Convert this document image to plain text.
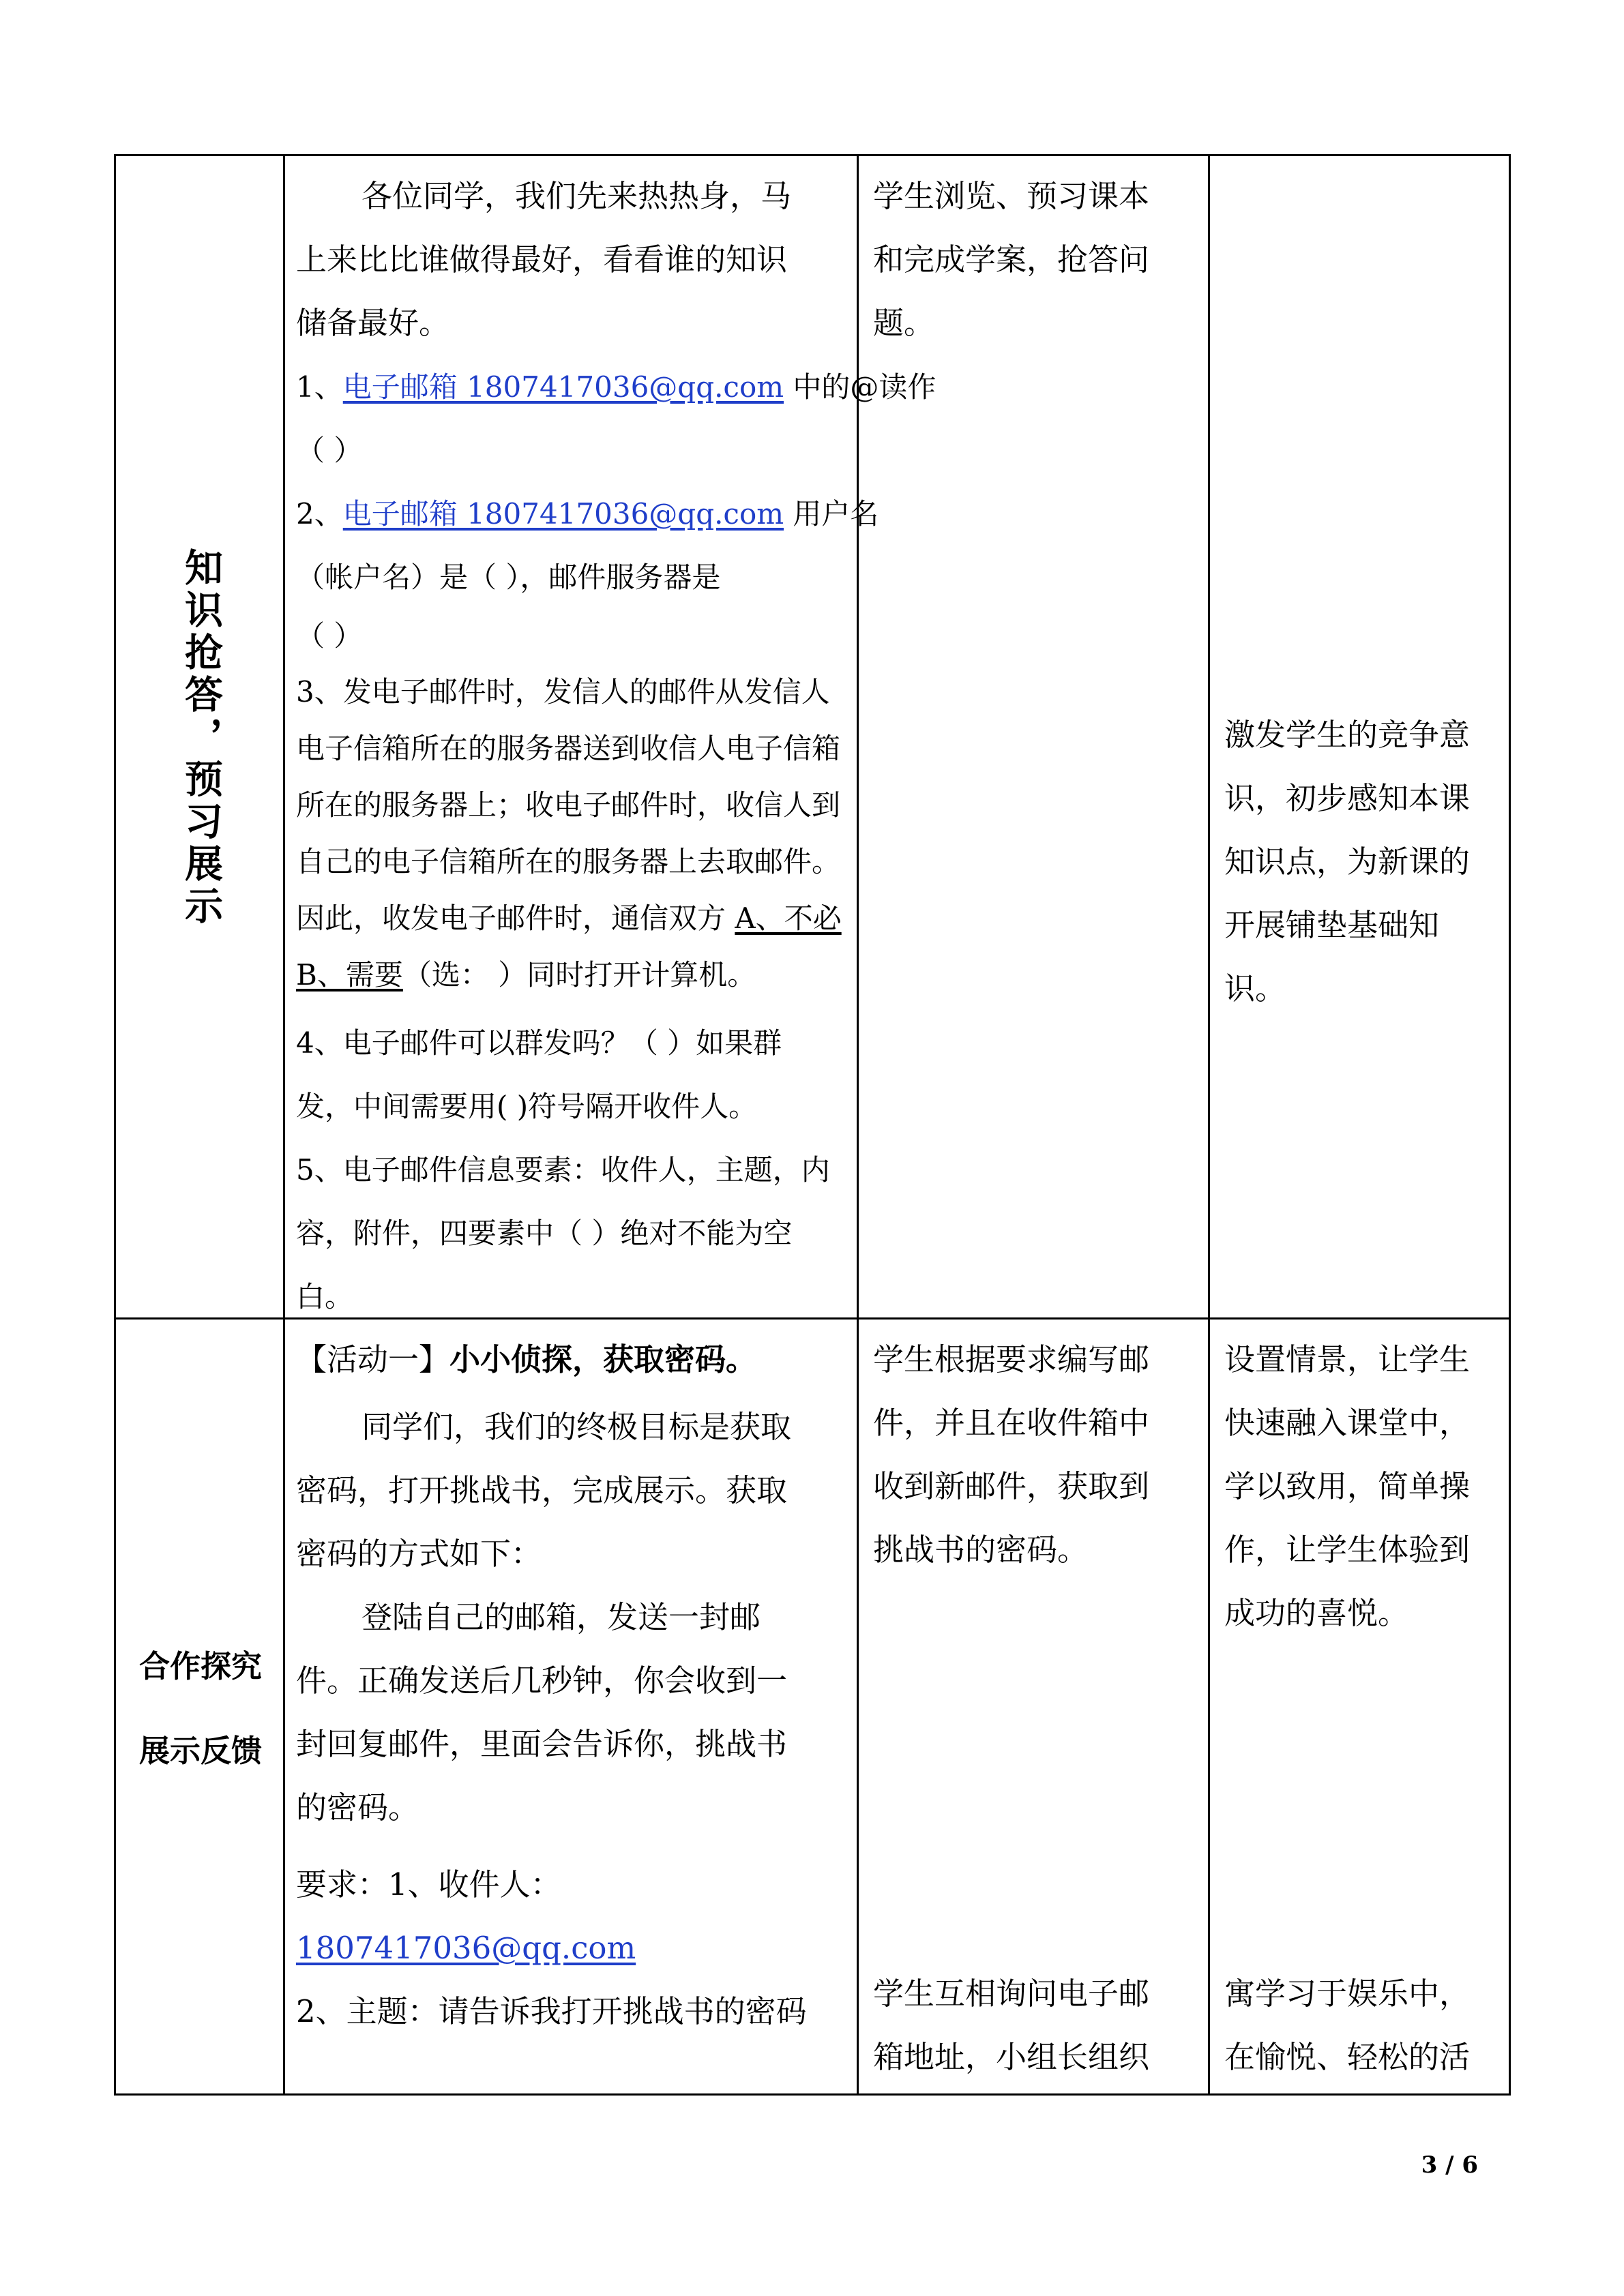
知识抢答，预习展示

各位同学，我们先来热热身，马

上来比比谁做得最好，看看谁的知识

储备最好。

1、电子邮箱 1807417036@qq.com 中的@读作

（ ）

2、电子邮箱 1807417036@qq.com 用户名

（帐户名）是（ ），邮件服务器是

（ ）

3、发电子邮件时，发信人的邮件从发信人

电子信箱所在的服务器送到收信人电子信箱

所在的服务器上；收电子邮件时，收信人到

自己的电子信箱所在的服务器上去取邮件。

因此，收发电子邮件时，通信双方 A、不必

B、需要（选： ）同时打开计算机。

4、电子邮件可以群发吗？（ ）如果群

发，中间需要用( )符号隔开收件人。

5、电子邮件信息要素：收件人，主题，内

容，附件，四要素中（ ）绝对不能为空

白。

学生浏览、预习课本

和完成学案，抢答问

题。

激发学生的竞争意

识，初步感知本课

知识点，为新课的

开展铺垫基础知

识。

合作探究
展示反馈

【活动一】小小侦探，获取密码。

同学们，我们的终极目标是获取

密码，打开挑战书，完成展示。获取

密码的方式如下：

登陆自己的邮箱，发送一封邮

件。正确发送后几秒钟，你会收到一

封回复邮件，里面会告诉你，挑战书

的密码。

要求：1、收件人：

1807417036@qq.com

2、主题：请告诉我打开挑战书的密码

学生根据要求编写邮

件，并且在收件箱中

收到新邮件，获取到

挑战书的密码。

学生互相询问电子邮

箱地址，小组长组织

设置情景，让学生

快速融入课堂中，

学以致用，简单操

作，让学生体验到

成功的喜悦。

寓学习于娱乐中，

在愉悦、轻松的活

3 / 6
